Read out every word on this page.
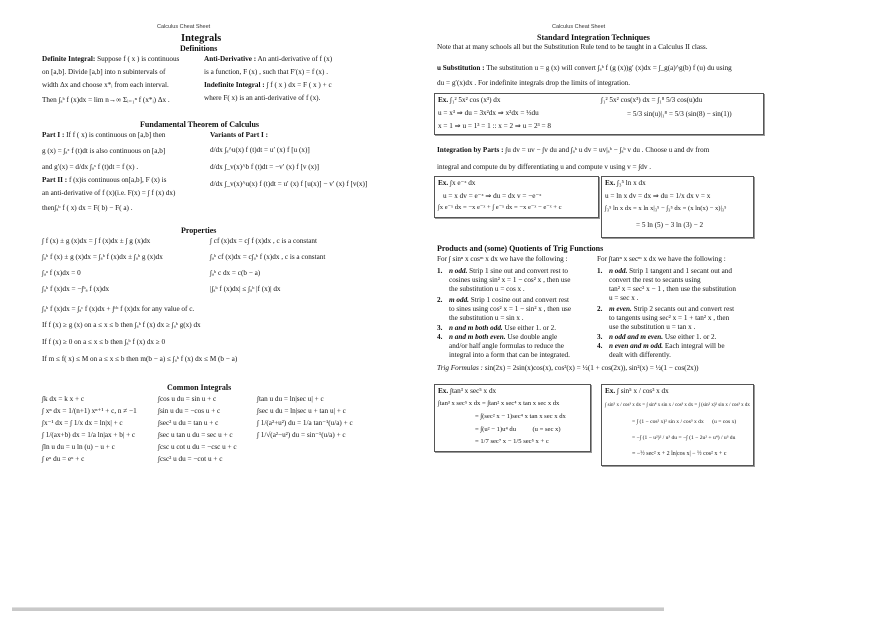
Calculus Cheat Sheet
Integrals
Definitions
Definite Integral: Suppose f ( x ) is continuous
on [a,b]. Divide [a,b] into n subintervals of
width Δx and choose x*ᵢ from each interval.
Then ∫ₐᵇ f (x)dx = lim n→∞ Σᵢ₌₁ⁿ f (x*ᵢ) Δx .
Anti-Derivative : An anti-derivative of f (x)
is a function, F (x) , such that F′(x) = f (x) .
Indefinite Integral : ∫ f ( x ) dx = F ( x ) + c
where F( x) is an anti-derivative of f (x).
Fundamental Theorem of Calculus
Part I : If f ( x) is continuous on [a,b] then
g (x) = ∫ₐˣ f (t)dt is also continuous on [a,b]
and g′(x) = d/dx ∫ₐˣ f (t)dt = f (x) .
Part II : f (x)is continuous on[a,b], F (x) is
an anti-derivative of f (x)(i.e. F(x) = ∫ f (x) dx)
then∫ₐᵇ f ( x) dx = F( b) − F( a) .
Variants of Part I :
d/dx ∫ₐ^u(x) f (t)dt = u′ (x) f [u (x)]
d/dx ∫_v(x)^b f (t)dt = −v′ (x) f [v (x)]
d/dx ∫_v(x)^u(x) f (t)dt = u′ (x) f [u(x)] − v′ (x) f [v(x)]
Properties
∫ f (x) ± g (x)dx = ∫ f (x)dx ± ∫ g (x)dx
∫ₐᵇ f (x) ± g (x)dx = ∫ₐᵇ f (x)dx ± ∫ₐᵇ g (x)dx
∫ₐᵃ f (x)dx = 0
∫ₐᵇ f (x)dx = −∫ᵇₐ f (x)dx
∫ cf (x)dx = c∫ f (x)dx , c is a constant
∫ₐᵇ cf (x)dx = c∫ₐᵇ f (x)dx , c is a constant
∫ₐᵇ c dx = c(b − a)
|∫ₐᵇ f (x)dx| ≤ ∫ₐᵇ |f (x)| dx
∫ₐᵇ f (x)dx = ∫ₐᶜ f (x)dx + ∫ᶜᵇ f (x)dx for any value of c.
If f (x) ≥ g (x) on a ≤ x ≤ b then ∫ₐᵇ f (x) dx ≥ ∫ₐᵇ g(x) dx
If f (x) ≥ 0 on a ≤ x ≤ b then ∫ₐᵇ f (x) dx ≥ 0
If m ≤ f( x) ≤ M on a ≤ x ≤ b then m(b − a) ≤ ∫ₐᵇ f (x) dx ≤ M (b − a)
Common Integrals
∫k dx = k x + c
∫ xⁿ dx = 1/(n+1) xⁿ⁺¹ + c, n ≠ −1
∫x⁻¹ dx = ∫ 1/x dx = ln|x| + c
∫ 1/(ax+b) dx = 1/a ln|ax + b| + c
∫ln u du = u ln (u) − u + c
∫ eᵘ du = eᵘ + c
∫cos u du = sin u + c
∫sin u du = −cos u + c
∫sec² u du = tan u + c
∫sec u tan u du = sec u + c
∫csc u cot u du = −csc u + c
∫csc² u du = −cot u + c
∫tan u du = ln|sec u| + c
∫sec u du = ln|sec u + tan u| + c
∫ 1/(a²+u²) du = 1/a tan⁻¹(u/a) + c
∫ 1/√(a²−u²) du = sin⁻¹(u/a) + c
Calculus Cheat Sheet
Standard Integration Techniques
Note that at many schools all but the Substitution Rule tend to be taught in a Calculus II class.
u Substitution : The substitution u = g (x) will convert ∫ₐᵇ f (g (x))g′ (x)dx = ∫_g(a)^g(b) f (u) du using
du = g′(x)dx . For indefinite integrals drop the limits of integration.
Ex. ∫₁² 5x² cos (x³) dx
u = x³ ⇒ du = 3x²dx ⇒ x²dx = ⅓du
x = 1 ⇒ u = 1³ = 1 :: x = 2 ⇒ u = 2³ = 8
∫₁² 5x² cos(x³) dx = ∫₁⁸ 5/3 cos(u)du
= 5/3 sin(u)|₁⁸ = 5/3 (sin(8) − sin(1))
Integration by Parts : ∫u dv = uv − ∫v du and ∫ₐᵇ u dv = uv|ₐᵇ − ∫ₐᵇ v du . Choose u and dv from
integral and compute du by differentiating u and compute v using v = ∫dv .
Ex. ∫x e⁻ˣ dx
u = x dv = e⁻ˣ ⇒ du = dx v = −e⁻ˣ
∫x e⁻ˣ dx = −x e⁻ˣ + ∫ e⁻ˣ dx = −x e⁻ˣ − e⁻ˣ + c
Ex. ∫₃⁵ ln x dx
u = ln x dv = dx ⇒ du = 1/x dx v = x
∫₃⁵ ln x dx = x ln x|₃⁵ − ∫₃⁵ dx = (x ln(x) − x)|₃⁵
= 5 ln (5) − 3 ln (3) − 2
Products and (some) Quotients of Trig Functions
For ∫ sinⁿ x cosᵐ x dx we have the following :	For ∫tanⁿ x secᵐ x dx we have the following :
1. n odd. Strip 1 sine out and convert rest to
cosines using sin² x = 1 − cos² x , then use
the substitution u = cos x .
2. m odd. Strip 1 cosine out and convert rest
to sines using cos² x = 1 − sin² x , then use
the substitution u = sin x .
3. n and m both odd. Use either 1. or 2.
4. n and m both even. Use double angle
and/or half angle formulas to reduce the
integral into a form that can be integrated.
1. n odd. Strip 1 tangent and 1 secant out and
convert the rest to secants using
tan² x = sec² x − 1 , then use the substitution
u = sec x .
2. m even. Strip 2 secants out and convert rest
to tangents using sec² x = 1 + tan² x , then
use the substitution u = tan x .
3. n odd and m even. Use either 1. or 2.
4. n even and m odd. Each integral will be
dealt with differently.
Trig Formulas : sin(2x) = 2sin(x)cos(x), cos²(x) = ½(1 + cos(2x)), sin²(x) = ½(1 − cos(2x))
Ex. ∫tan³ x sec⁵ x dx
∫tan³ x sec⁵ x dx = ∫tan² x sec⁴ x tan x sec x dx
= ∫(sec² x − 1)sec⁴ x tan x sec x dx
= ∫(u² − 1)u⁴ du          (u = sec x)
= 1/7 sec⁷ x − 1/5 sec⁵ x + c
Ex. ∫ sin⁵ x / cos³ x dx
∫ sin⁵ x / cos³ x dx = ∫ sin⁴ x sin x / cos³ x dx = ∫ (sin² x)² sin x / cos³ x dx
= ∫ (1 − cos² x)² sin x / cos³ x dx      (u = cos x)
= −∫ (1 − u²)² / u³ du = −∫ (1 − 2u² + u⁴) / u³ du
= −½ sec² x + 2 ln|cos x| − ½ cos² x + c
